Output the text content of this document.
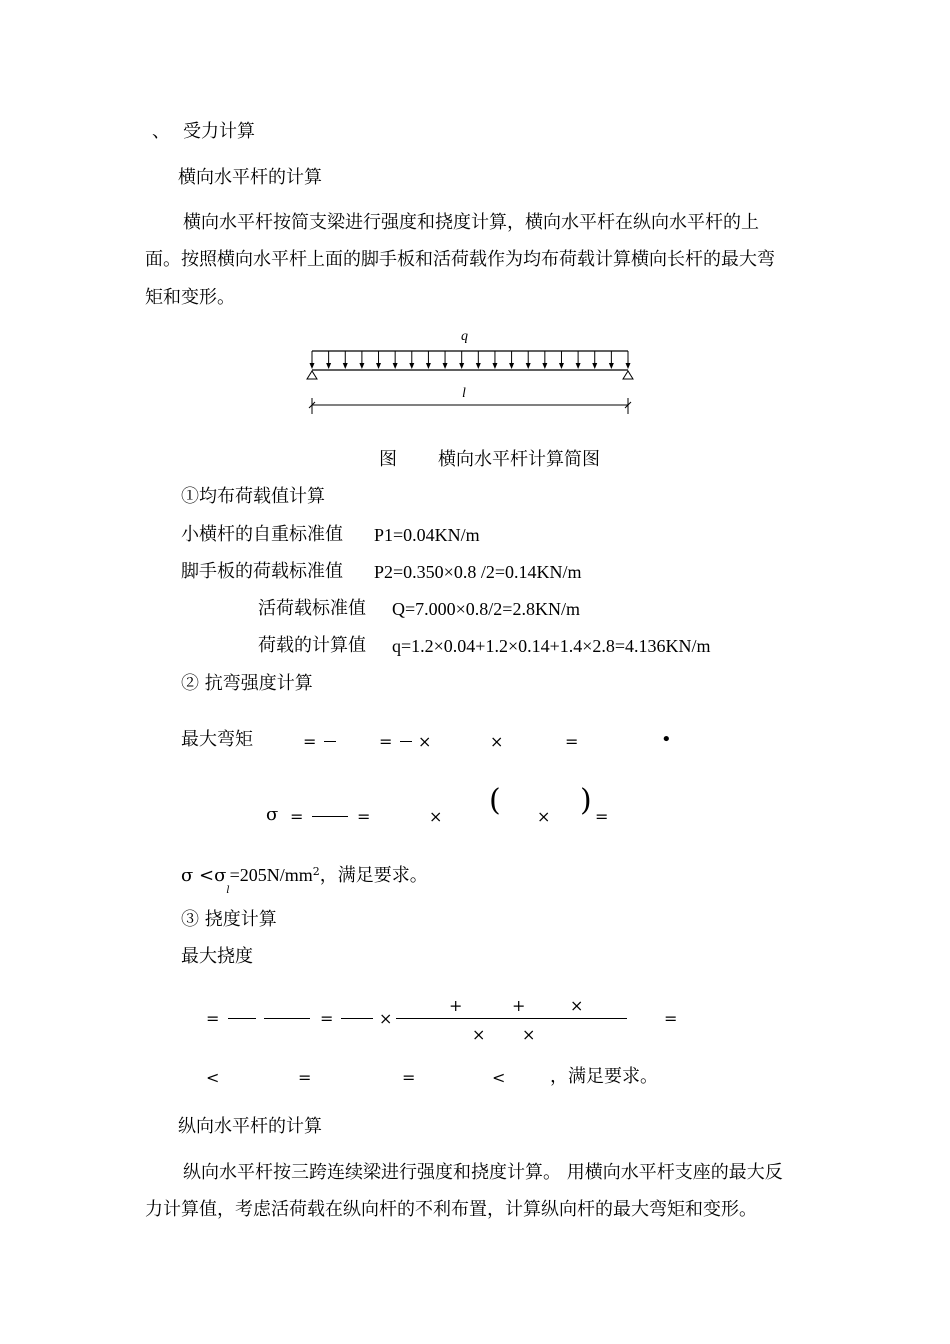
、 受力计算
横向水平杆的计算
横向水平杆按简支梁进行强度和挠度计算，横向水平杆在纵向水平杆的上
面。按照横向水平杆上面的脚手板和活荷载作为均布荷载计算横向长杆的最大弯
矩和变形。
q
l
图 横向水平杆计算简图
①均布荷载值计算
小横杆的自重标准值 P1=0.04KN/m
脚手板的荷载标准值 P2=0.350×0.8 /2=0.14KN/m
活荷载标准值 Q=7.000×0.8/2=2.8KN/m
荷载的计算值 q=1.2×0.04+1.2×0.14+1.4×2.8=4.136KN/m
② 抗弯强度计算
最大弯矩	=	= ×	×	=	•
σ =	=	× ( × ) =
$\sigma <\sigma_l=205N/mm^2$，满足要求。
③ 挠度计算
最大挠度
=	=	×
+	+	×
× ×
=
<	=	=	< ，满足要求。
纵向水平杆的计算
纵向水平杆按三跨连续梁进行强度和挠度计算。 用横向水平杆支座的最大反
力计算值，考虑活荷载在纵向杆的不利布置，计算纵向杆的最大弯矩和变形。
